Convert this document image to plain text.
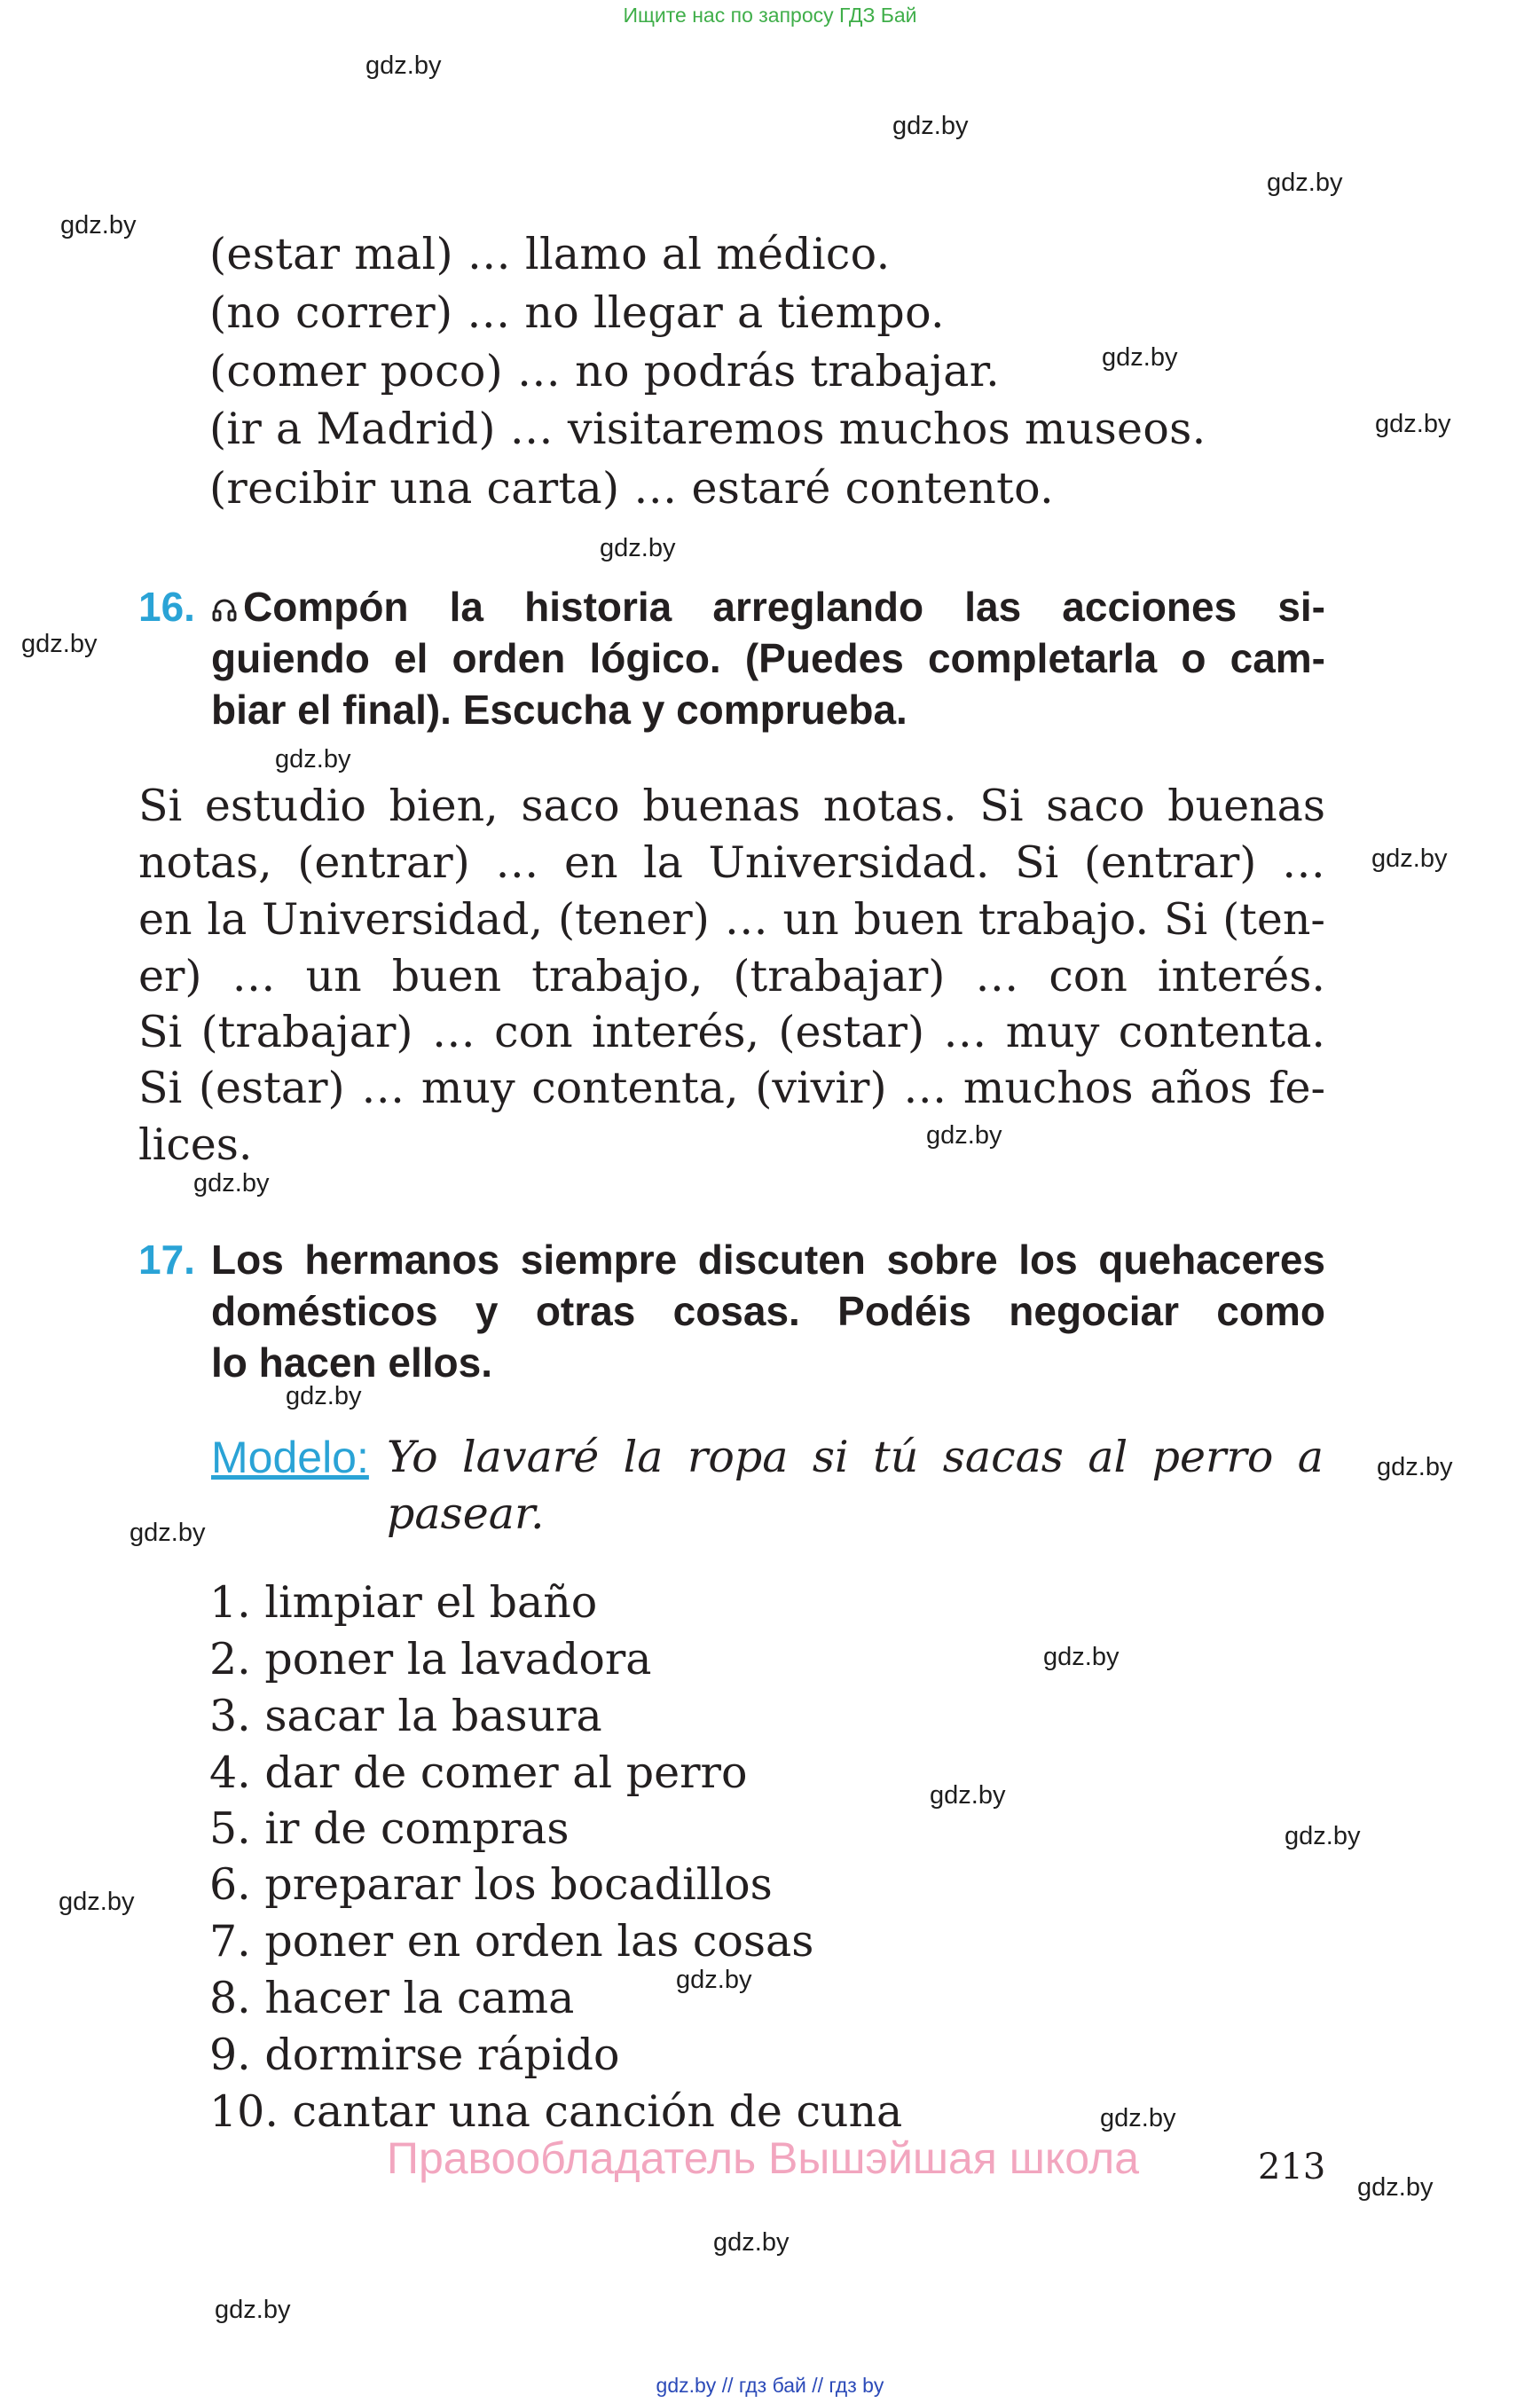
Ищите нас по запросу ГДЗ Бай
gdz.by
gdz.by
gdz.by
gdz.by
gdz.by
gdz.by
gdz.by
gdz.by
gdz.by
gdz.by
gdz.by
gdz.by
gdz.by
gdz.by
gdz.by
gdz.by
gdz.by
gdz.by
gdz.by
gdz.by
gdz.by
gdz.by
gdz.by
gdz.by
(estar mal) … llamo al médico.
(no correr) … no llegar a tiempo.
(comer poco) … no podrás trabajar.
(ir a Madrid) … visitaremos muchos museos.
(recibir una carta) … estaré contento.
16.	Compón la historia arreglando las acciones si-
guiendo el orden lógico. (Puedes completarla o cam-
biar el final). Escucha y comprueba.
Si estudio bien, saco buenas notas. Si saco buenas
notas, (entrar) … en la Universidad. Si (entrar) …
en la Universidad, (tener) … un buen trabajo. Si (ten-
er) … un buen trabajo, (trabajar) … con interés.
Si (trabajar) … con interés, (estar) … muy contenta.
Si (estar) … muy contenta, (vivir) … muchos años fe-
lices.
17. Los hermanos siempre discuten sobre los quehaceres
domésticos y otras cosas. Podéis negociar como
lo hacen ellos.
Modelo: Yo lavaré la ropa si tú sacas al perro a
pasear.
1. limpiar el baño
2. poner la lavadora
3. sacar la basura
4. dar de comer al perro
5. ir de compras
6. preparar los bocadillos
7. poner en orden las cosas
8. hacer la cama
9. dormirse rápido
10. cantar una canción de cuna
Правообладатель Вышэйшая школа	213
gdz.by // гдз бай // гдз by
